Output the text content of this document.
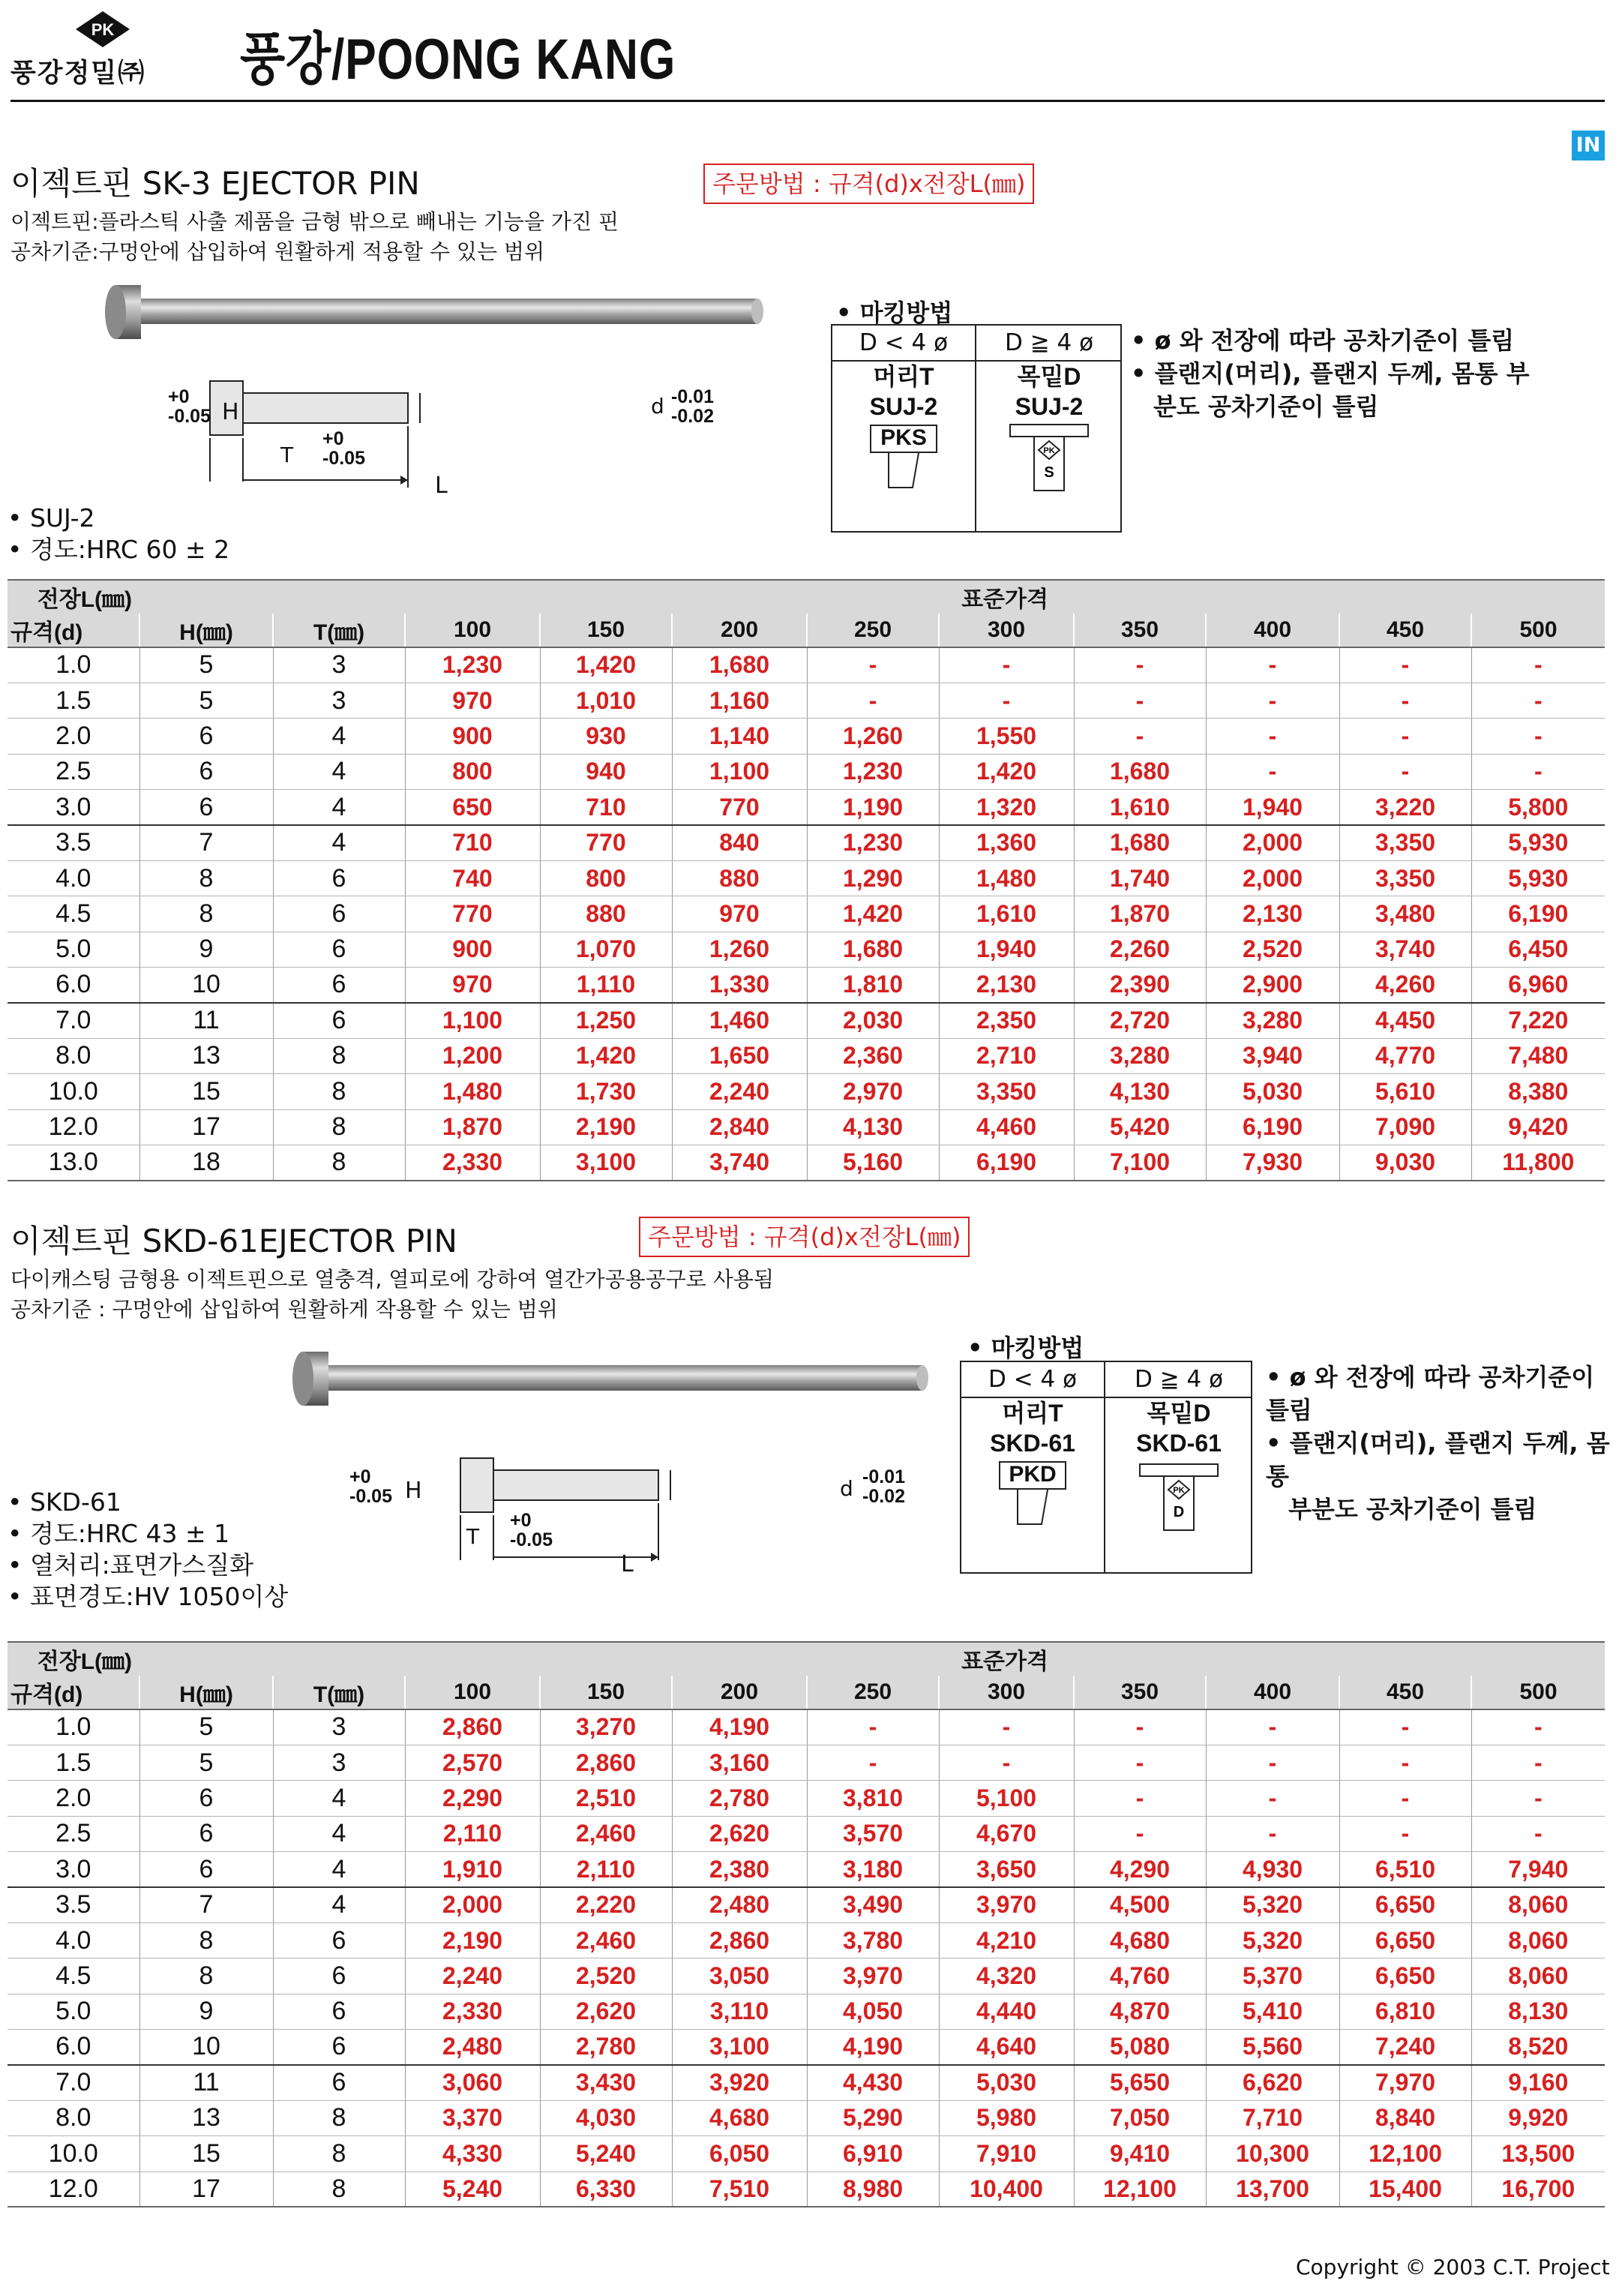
PK
풍강정밀㈜ 풍강/POONG KANG
IN
이젝트핀 SK-3 EJECTOR PIN	주문방법 : 규격(d)x전장L(㎜)
이젝트핀:플라스틱 사출 제품을 금형 밖으로 빼내는 기능을 가진 핀
공차기준:구멍안에 삽입하여 원활하게 적용할 수 있는 범위
+0
-0.05 H
T
+0
-0.05
L
d -0.01
-0.02
• SUJ-2
• 경도:HRC 60 ± 2
• 마킹방법
D < 4 ø
머리T
SUJ-2
PKS
D ≧ 4 ø
목밑D
SUJ-2
PK
S
• ø 와 전장에 따라 공차기준이 틀림
• 플랜지(머리), 플랜지 두께, 몸통 부
분도 공차기준이 틀림
전장L(㎜)			표준가격								
규격(d)	H(㎜)	T(㎜)	100	150	200	250	300	350	400	450	500
1.0	5	3	1,230	1,420	1,680	-	-	-	-	-	-
1.5	5	3	970	1,010	1,160	-	-	-	-	-	-
2.0	6	4	900	930	1,140	1,260	1,550	-	-	-	-
2.5	6	4	800	940	1,100	1,230	1,420	1,680	-	-	-
3.0	6	4	650	710	770	1,190	1,320	1,610	1,940	3,220	5,800
3.5	7	4	710	770	840	1,230	1,360	1,680	2,000	3,350	5,930
4.0	8	6	740	800	880	1,290	1,480	1,740	2,000	3,350	5,930
4.5	8	6	770	880	970	1,420	1,610	1,870	2,130	3,480	6,190
5.0	9	6	900	1,070	1,260	1,680	1,940	2,260	2,520	3,740	6,450
6.0	10	6	970	1,110	1,330	1,810	2,130	2,390	2,900	4,260	6,960
7.0	11	6	1,100	1,250	1,460	2,030	2,350	2,720	3,280	4,450	7,220
8.0	13	8	1,200	1,420	1,650	2,360	2,710	3,280	3,940	4,770	7,480
10.0	15	8	1,480	1,730	2,240	2,970	3,350	4,130	5,030	5,610	8,380
12.0	17	8	1,870	2,190	2,840	4,130	4,460	5,420	6,190	7,090	9,420
13.0	18	8	2,330	3,100	3,740	5,160	6,190	7,100	7,930	9,030	11,800
이젝트핀 SKD-61EJECTOR PIN	주문방법 : 규격(d)x전장L(㎜)
다이캐스팅 금형용 이젝트핀으로 열충격, 열피로에 강하여 열간가공용공구로 사용됨
공차기준 : 구멍안에 삽입하여 원활하게 작용할 수 있는 범위
+0
-0.05 H
T
+0
-0.05
L
d -0.01
-0.02
• SKD-61
• 경도:HRC 43 ± 1
• 열처리:표면가스질화
• 표면경도:HV 1050이상
• 마킹방법
D < 4 ø
머리T
SKD-61
PKD
D ≧ 4 ø
목밑D
SKD-61
PK
D
• ø 와 전장에 따라 공차기준이 틀림
• 플랜지(머리), 플랜지 두께, 몸통
부분도 공차기준이 틀림
전장L(㎜)			표준가격								
규격(d)	H(㎜)	T(㎜)	100	150	200	250	300	350	400	450	500
1.0	5	3	2,860	3,270	4,190	-	-	-	-	-	-
1.5	5	3	2,570	2,860	3,160	-	-	-	-	-	-
2.0	6	4	2,290	2,510	2,780	3,810	5,100	-	-	-	-
2.5	6	4	2,110	2,460	2,620	3,570	4,670	-	-	-	-
3.0	6	4	1,910	2,110	2,380	3,180	3,650	4,290	4,930	6,510	7,940
3.5	7	4	2,000	2,220	2,480	3,490	3,970	4,500	5,320	6,650	8,060
4.0	8	6	2,190	2,460	2,860	3,780	4,210	4,680	5,320	6,650	8,060
4.5	8	6	2,240	2,520	3,050	3,970	4,320	4,760	5,370	6,650	8,060
5.0	9	6	2,330	2,620	3,110	4,050	4,440	4,870	5,410	6,810	8,130
6.0	10	6	2,480	2,780	3,100	4,190	4,640	5,080	5,560	7,240	8,520
7.0	11	6	3,060	3,430	3,920	4,430	5,030	5,650	6,620	7,970	9,160
8.0	13	8	3,370	4,030	4,680	5,290	5,980	7,050	7,710	8,840	9,920
10.0	15	8	4,330	5,240	6,050	6,910	7,910	9,410	10,300	12,100	13,500
12.0	17	8	5,240	6,330	7,510	8,980	10,400	12,100	13,700	15,400	16,700
Copyright © 2003 C.T. Project
